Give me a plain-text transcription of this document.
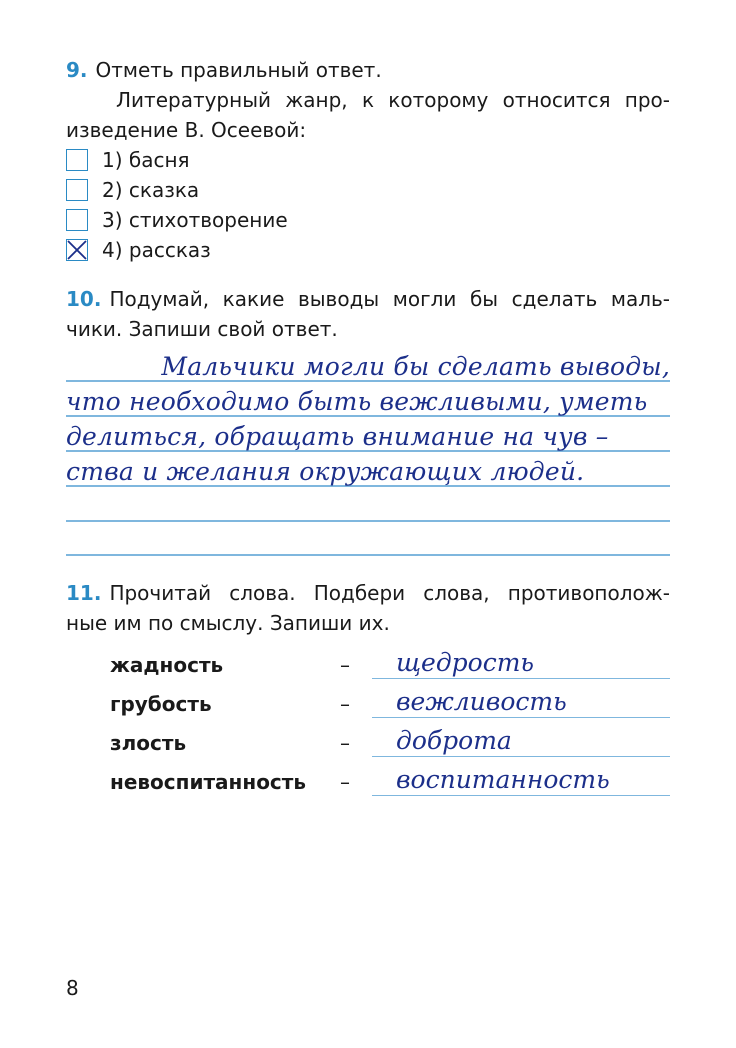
9. Отметь правильный ответ.
Литературный жанр, к которому относится про-
изведение В. Осеевой:
1) басня
2) сказка
3) стихотворение
4) рассказ
10. Подумай, какие выводы могли бы сделать маль-
чики. Запиши свой ответ.
Мальчики могли бы сделать выводы,
что необходимо быть вежливыми, уметь
делиться, обращать внимание на чув –
ства и желания окружающих людей.
11. Прочитай слова. Подбери слова, противополож-
ные им по смыслу. Запиши их.
жадность	– щедрость
грубость	– вежливость
злость	– доброта
невоспитанность – воспитанность
8
